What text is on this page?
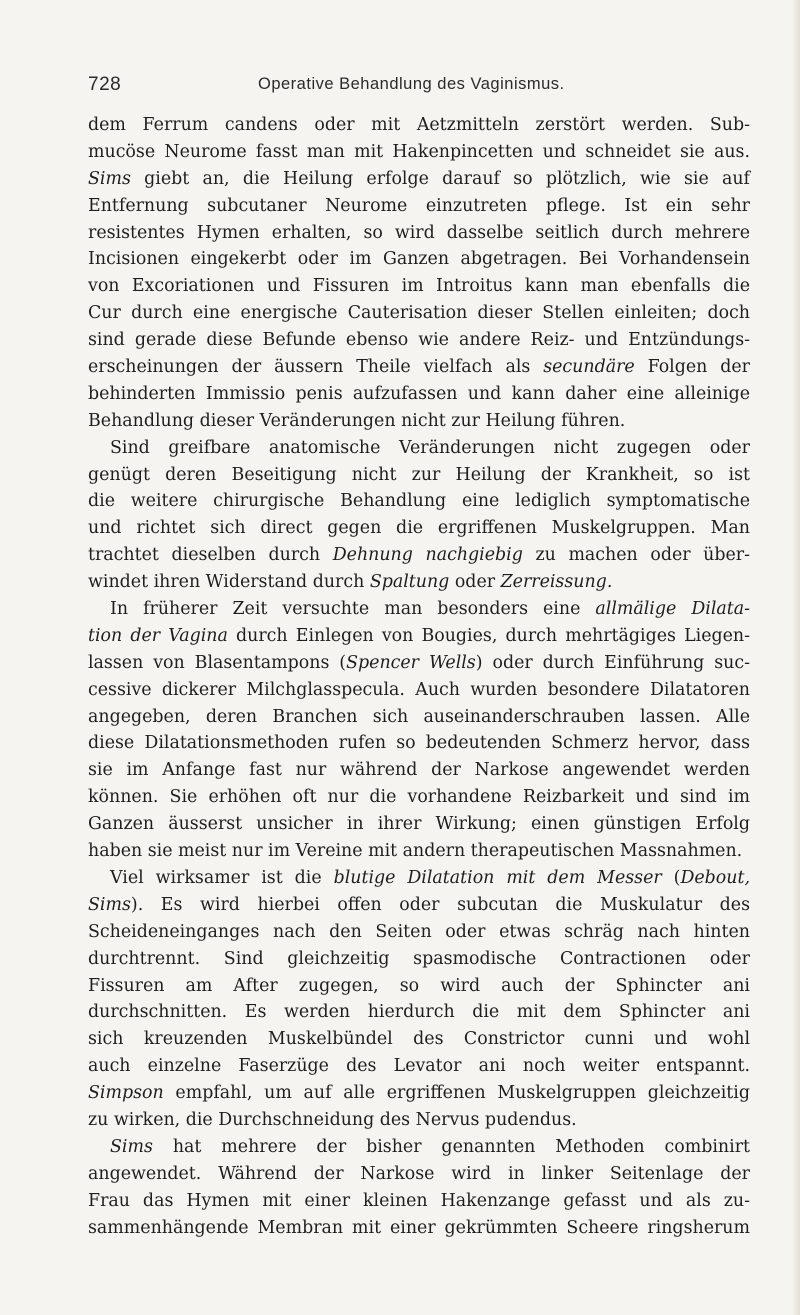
728	Operative Behandlung des Vaginismus.
dem Ferrum candens oder mit Aetzmitteln zerstört werden. Sub-
mucöse Neurome fasst man mit Hakenpincetten und schneidet sie aus.
Sims giebt an, die Heilung erfolge darauf so plötzlich, wie sie auf
Entfernung subcutaner Neurome einzutreten pflege. Ist ein sehr
resistentes Hymen erhalten, so wird dasselbe seitlich durch mehrere
Incisionen eingekerbt oder im Ganzen abgetragen. Bei Vorhandensein
von Excoriationen und Fissuren im Introitus kann man ebenfalls die
Cur durch eine energische Cauterisation dieser Stellen einleiten; doch
sind gerade diese Befunde ebenso wie andere Reiz- und Entzündungs-
erscheinungen der äussern Theile vielfach als secundäre Folgen der
behinderten Immissio penis aufzufassen und kann daher eine alleinige
Behandlung dieser Veränderungen nicht zur Heilung führen.
Sind greifbare anatomische Veränderungen nicht zugegen oder
genügt deren Beseitigung nicht zur Heilung der Krankheit, so ist
die weitere chirurgische Behandlung eine lediglich symptomatische
und richtet sich direct gegen die ergriffenen Muskelgruppen. Man
trachtet dieselben durch Dehnung nachgiebig zu machen oder über-
windet ihren Widerstand durch Spaltung oder Zerreissung.
In früherer Zeit versuchte man besonders eine allmälige Dilata-
tion der Vagina durch Einlegen von Bougies, durch mehrtägiges Liegen-
lassen von Blasentampons (Spencer Wells) oder durch Einführung suc-
cessive dickerer Milchglasspecula. Auch wurden besondere Dilatatoren
angegeben, deren Branchen sich auseinanderschrauben lassen. Alle
diese Dilatationsmethoden rufen so bedeutenden Schmerz hervor, dass
sie im Anfange fast nur während der Narkose angewendet werden
können. Sie erhöhen oft nur die vorhandene Reizbarkeit und sind im
Ganzen äusserst unsicher in ihrer Wirkung; einen günstigen Erfolg
haben sie meist nur im Vereine mit andern therapeutischen Massnahmen.
Viel wirksamer ist die blutige Dilatation mit dem Messer (Debout,
Sims). Es wird hierbei offen oder subcutan die Muskulatur des
Scheideneinganges nach den Seiten oder etwas schräg nach hinten
durchtrennt. Sind gleichzeitig spasmodische Contractionen oder
Fissuren am After zugegen, so wird auch der Sphincter ani
durchschnitten. Es werden hierdurch die mit dem Sphincter ani
sich kreuzenden Muskelbündel des Constrictor cunni und wohl
auch einzelne Faserzüge des Levator ani noch weiter entspannt.
Simpson empfahl, um auf alle ergriffenen Muskelgruppen gleichzeitig
zu wirken, die Durchschneidung des Nervus pudendus.
Sims hat mehrere der bisher genannten Methoden combinirt
angewendet. Während der Narkose wird in linker Seitenlage der
Frau das Hymen mit einer kleinen Hakenzange gefasst und als zu-
sammenhängende Membran mit einer gekrümmten Scheere ringsherum
